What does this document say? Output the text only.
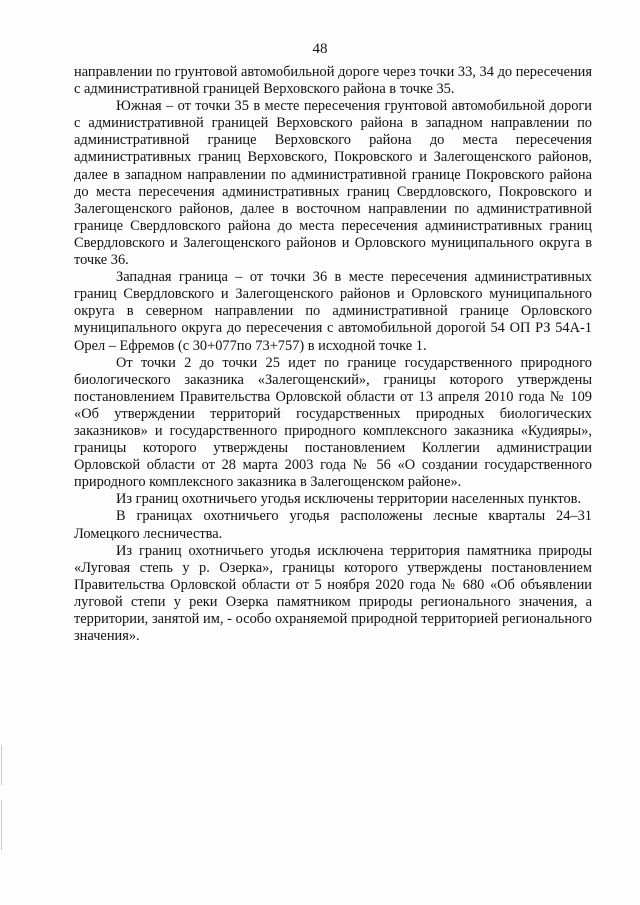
48

направлении по грунтовой автомобильной дороге через точки 33, 34 до пересечения с административной границей Верховского района в точке 35.

Южная – от точки 35 в месте пересечения грунтовой автомобильной дороги с административной границей Верховского района в западном направлении по административной границе Верховского района до места пересечения административных границ Верховского, Покровского и Залегощенского районов, далее в западном направлении по административной границе Покровского района до места пересечения административных границ Свердловского, Покровского и Залегощенского районов, далее в восточном направлении по административной границе Свердловского района до места пересечения административных границ Свердловского и Залегощенского районов и Орловского муниципального округа в точке 36.

Западная граница – от точки 36 в месте пересечения административных границ Свердловского и Залегощенского районов и Орловского муниципального округа в северном направлении по административной границе Орловского муниципального округа до пересечения с автомобильной дорогой 54 ОП РЗ 54А-1 Орел – Ефремов (с 30+077по 73+757) в исходной точке 1.

От точки 2 до точки 25 идет по границе государственного природного биологического заказника «Залегощенский», границы которого утверждены постановлением Правительства Орловской области от 13 апреля 2010 года № 109 «Об утверждении территорий государственных природных биологических заказников» и государственного природного комплексного заказника «Кудияры», границы которого утверждены постановлением Коллегии администрации Орловской области от 28 марта 2003 года № 56 «О создании государственного природного комплексного заказника в Залегощенском районе».

Из границ охотничьего угодья исключены территории населенных пунктов.

В границах охотничьего угодья расположены лесные кварталы 24–31 Ломецкого лесничества.

Из границ охотничьего угодья исключена территория памятника природы «Луговая степь у р. Озерка», границы которого утверждены постановлением Правительства Орловской области от 5 ноября 2020 года № 680 «Об объявлении луговой степи у реки Озерка памятником природы регионального значения, а территории, занятой им, - особо охраняемой природной территорией регионального значения».
